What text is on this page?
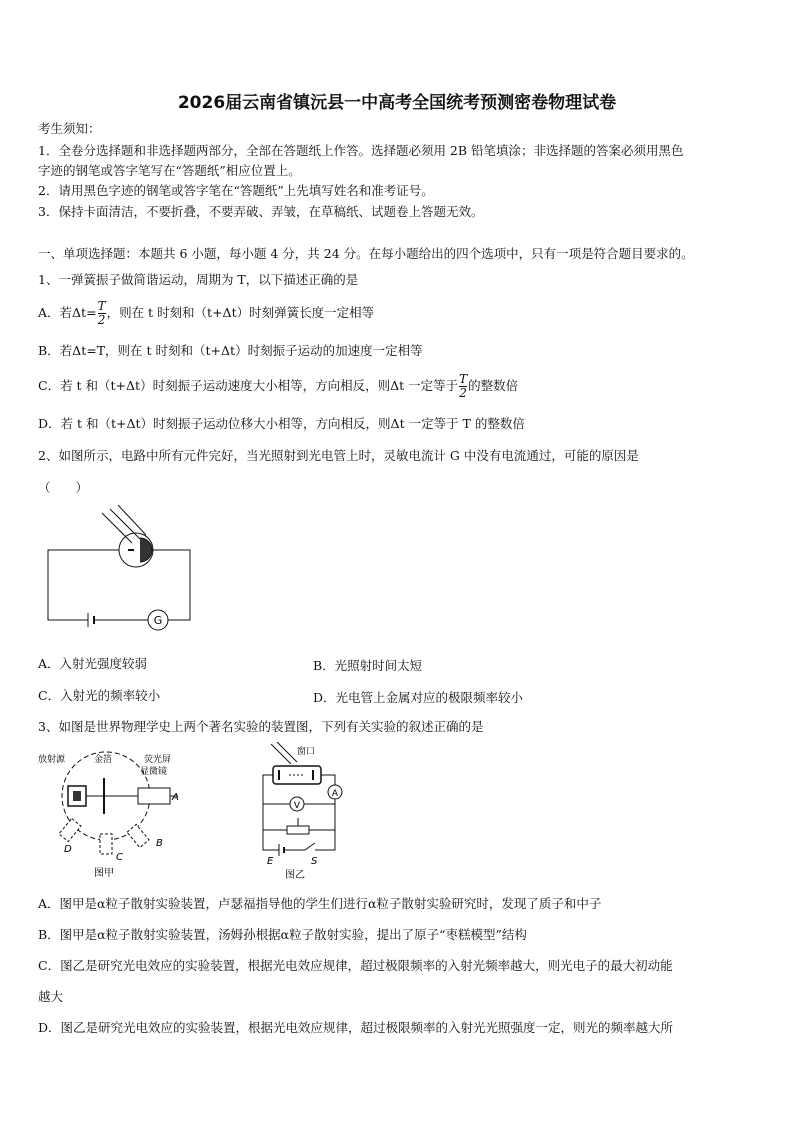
2026届云南省镇沅县一中高考全国统考预测密卷物理试卷
考生须知：
1．全卷分选择题和非选择题两部分，全部在答题纸上作答。选择题必须用 2B 铅笔填涂；非选择题的答案必须用黑色
字迹的钢笔或答字笔写在“答题纸”相应位置上。
2．请用黑色字迹的钢笔或答字笔在“答题纸”上先填写姓名和准考证号。
3．保持卡面清洁，不要折叠，不要弄破、弄皱，在草稿纸、试题卷上答题无效。
一、单项选择题：本题共 6 小题，每小题 4 分，共 24 分。在每小题给出的四个选项中，只有一项是符合题目要求的。
1、一弹簧振子做简谐运动，周期为 T，以下描述正确的是
A．若$\Delta t= \frac{T}{2}$ ，则在 t 时刻和（t+Δt）时刻弹簧长度一定相等
B．若Δt=T，则在 t 时刻和（t+Δt）时刻振子运动的加速度一定相等
C．若 t 和（t+Δt）时刻振子运动速度大小相等，方向相反，则Δt 一定等于 $\frac{T}{2}$ 的整数倍
D．若 t 和（t+Δt）时刻振子运动位移大小相等，方向相反，则Δt 一定等于 T 的整数倍
2、如图所示，电路中所有元件完好，当光照射到光电管上时，灵敏电流计 G 中没有电流通过，可能的原因是
（　　）
G
A．入射光强度较弱	B．光照射时间太短
C．入射光的频率较小	D．光电管上金属对应的极限频率较小
3、如图是世界物理学史上两个著名实验的装置图，下列有关实验的叙述正确的是
放射源	金箔	荧光屏
显微镜
A
B
C
D
图甲
窗口
A
V
E	S
图乙
A．图甲是α粒子散射实验装置，卢瑟福指导他的学生们进行α粒子散射实验研究时，发现了质子和中子
B．图甲是α粒子散射实验装置，汤姆孙根据α粒子散射实验，提出了原子“枣糕模型”结构
C．图乙是研究光电效应的实验装置，根据光电效应规律，超过极限频率的入射光频率越大，则光电子的最大初动能
越大
D．图乙是研究光电效应的实验装置，根据光电效应规律，超过极限频率的入射光光照强度一定，则光的频率越大所
